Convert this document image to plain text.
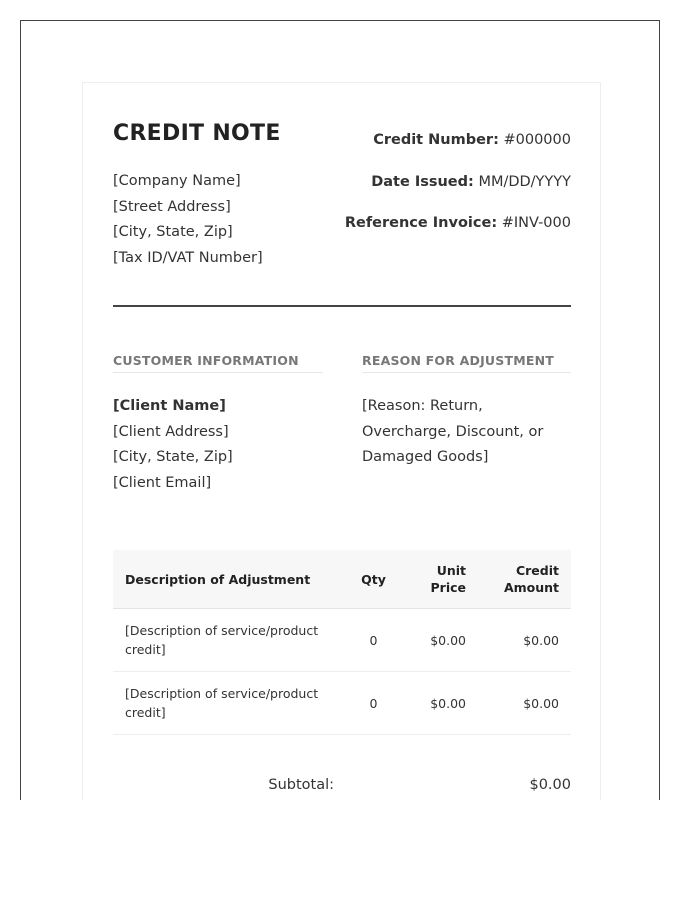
CREDIT NOTE
[Company Name]
[Street Address]
[City, State, Zip]
[Tax ID/VAT Number]
Credit Number: #000000
Date Issued: MM/DD/YYYY
Reference Invoice: #INV-000
CUSTOMER INFORMATION
[Client Name]
[Client Address]
[City, State, Zip]
[Client Email]
REASON FOR ADJUSTMENT
[Reason: Return, Overcharge, Discount, or Damaged Goods]
Description of Adjustment	Qty	Unit Price	Credit Amount
[Description of service/product credit]	0	$0.00	$0.00
[Description of service/product credit]	0	$0.00	$0.00
Subtotal:	$0.00
